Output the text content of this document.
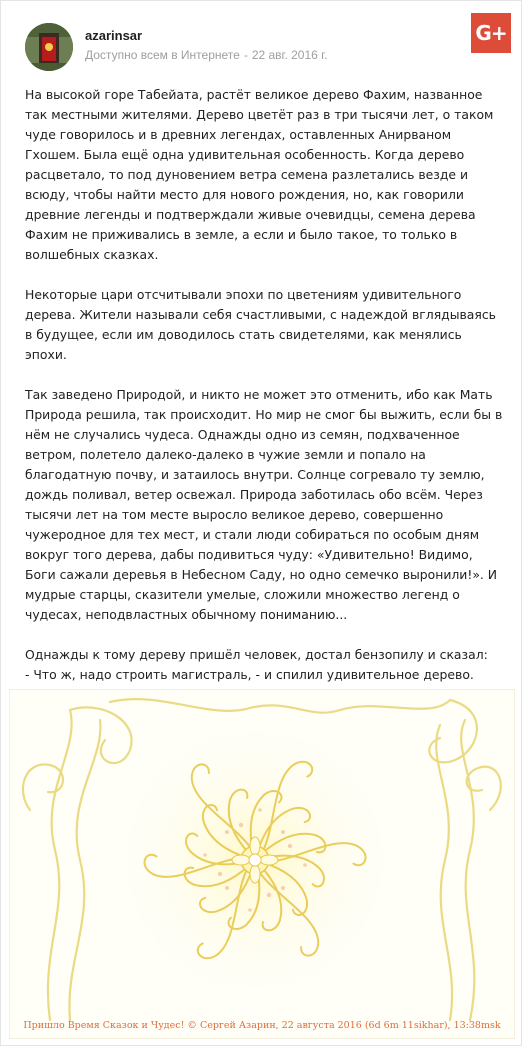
azarinsar
Доступно всем в Интернете - 22 авг. 2016 г.
G+

На высокой горе Табейата, растёт великое дерево Фахим, названное так местными жителями. Дерево цветёт раз в три тысячи лет, о таком чуде говорилось и в древних легендах, оставленных Анирваном Гхошем. Была ещё одна удивительная особенность. Когда дерево расцветало, то под дуновением ветра семена разлетались везде и всюду, чтобы найти место для нового рождения, но, как говорили древние легенды и подтверждали живые очевидцы, семена дерева Фахим не приживались в земле, а если и было такое, то только в волшебных сказках.

Некоторые цари отсчитывали эпохи по цветениям удивительного дерева. Жители называли себя счастливыми, с надеждой вглядываясь в будущее, если им доводилось стать свидетелями, как менялись эпохи.

Так заведено Природой, и никто не может это отменить, ибо как Мать Природа решила, так происходит. Но мир не смог бы выжить, если бы в нём не случались чудеса. Однажды одно из семян, подхваченное ветром, полетело далеко-далеко в чужие земли и попало на благодатную почву, и затаилось внутри. Солнце согревало ту землю, дождь поливал, ветер освежал. Природа заботилась обо всём. Через тысячи лет на том месте выросло великое дерево, совершенно чужеродное для тех мест, и стали люди собираться по особым дням вокруг того дерева, дабы подивиться чуду: «Удивительно! Видимо, Боги сажали деревья в Небесном Саду, но одно семечко выронили!». И мудрые старцы, сказители умелые, сложили множество легенд о чудесах, неподвластных обычному пониманию...

Однажды к тому дереву пришёл человек, достал бензопилу и сказал:
- Что ж, надо строить магистраль, - и спилил удивительное дерево.

Пришло Время Сказок и Чудес! © Сергей Азарин, 22 августа 2016 (6d 6m 11sikhar), 13:38msk
